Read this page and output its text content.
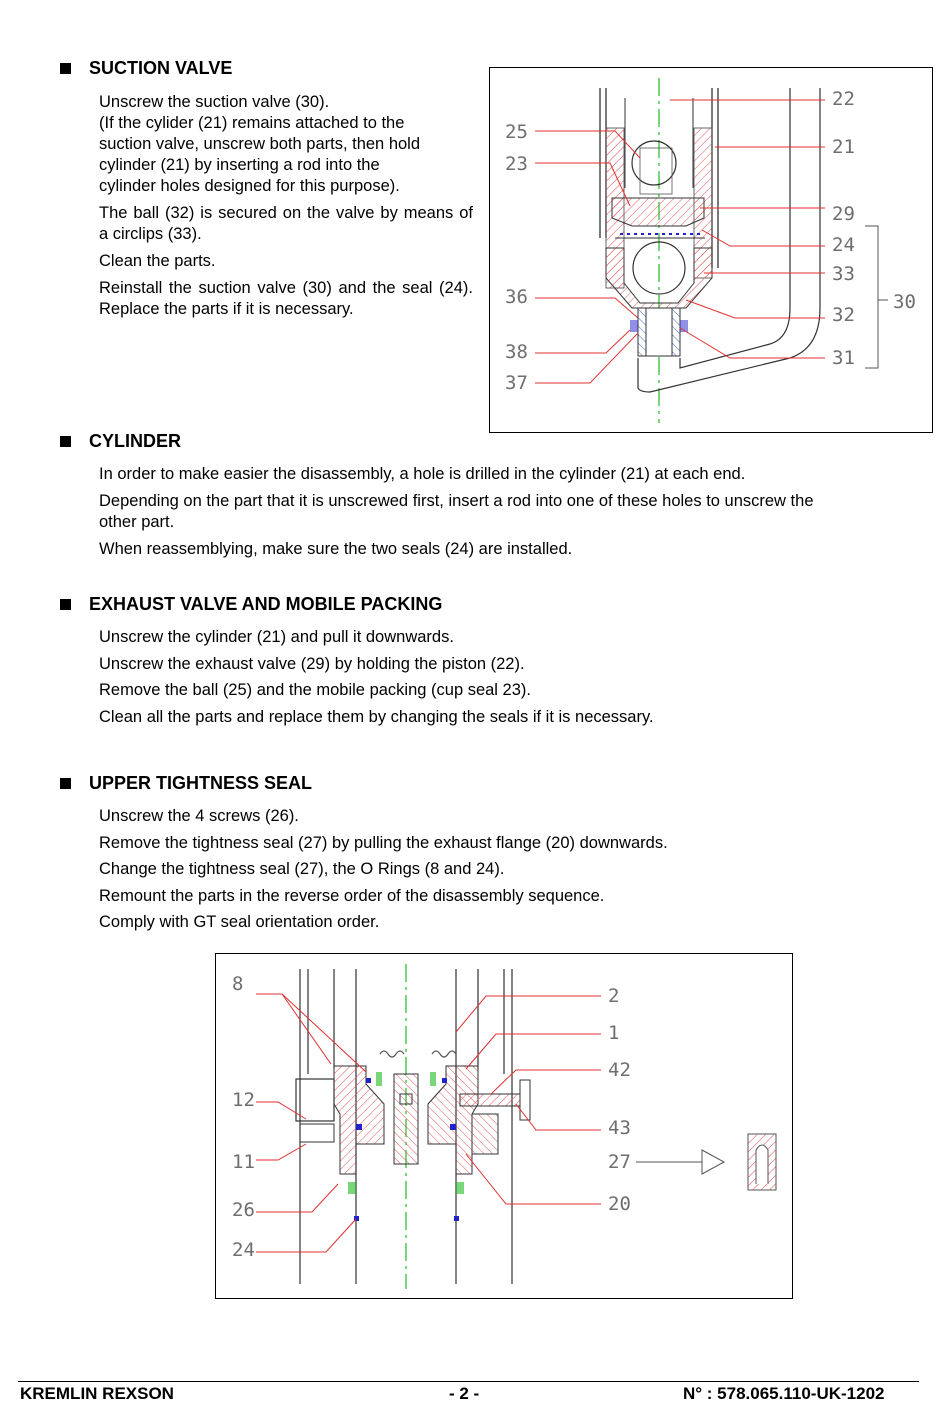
SUCTION VALVE
Unscrew the suction valve (30).
(If the cylider (21) remains attached to the
suction valve, unscrew both parts, then hold
cylinder (21) by inserting a rod into the
cylinder holes designed for this purpose).
The ball (32) is secured on the valve by means of a circlips (33).
Clean the parts.
Reinstall the suction valve (30) and the seal (24). Replace the parts if it is necessary.
25
23
36
38
37
22
21
29
24
33
32
31
30
CYLINDER
In order to make easier the disassembly, a hole is drilled in the cylinder (21) at each end.
Depending on the part that it is unscrewed first, insert a rod into one of these holes to unscrew the
other part.
When reassemblying, make sure the two seals (24) are installed.
EXHAUST VALVE AND MOBILE PACKING
Unscrew the cylinder (21) and pull it downwards.
Unscrew the exhaust valve (29) by holding the piston (22).
Remove the ball (25) and the mobile packing (cup seal 23).
Clean all the parts and replace them by changing the seals if it is necessary.
UPPER TIGHTNESS SEAL
Unscrew the 4 screws (26).
Remove the tightness seal (27) by pulling the exhaust flange (20) downwards.
Change the tightness seal (27), the O Rings (8 and 24).
Remount the parts in the reverse order of the disassembly sequence.
Comply with GT seal orientation order.
8
12
11
26
24
2
1
42
43
27
20
KREMLIN REXSON	- 2 -	N° : 578.065.110-UK-1202
